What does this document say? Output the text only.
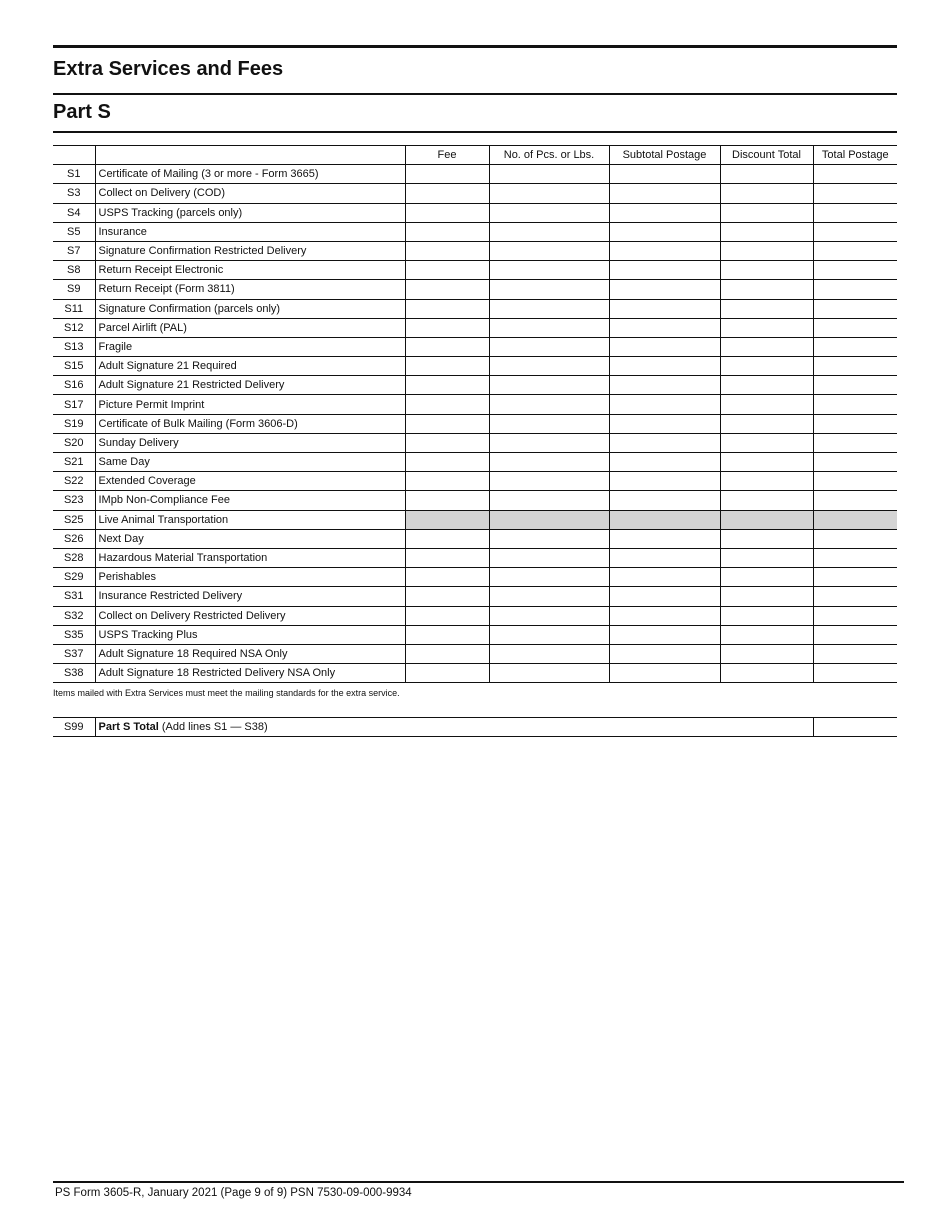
Extra Services and Fees
Part S
		Fee	No. of Pcs. or Lbs.	Subtotal Postage	Discount Total	Total Postage
S1	Certificate of Mailing (3 or more - Form 3665)					
S3	Collect on Delivery (COD)					
S4	USPS Tracking (parcels only)					
S5	Insurance					
S7	Signature Confirmation Restricted Delivery					
S8	Return Receipt Electronic					
S9	Return Receipt (Form 3811)					
S11	Signature Confirmation (parcels only)					
S12	Parcel Airlift (PAL)					
S13	Fragile					
S15	Adult Signature 21 Required					
S16	Adult Signature 21 Restricted Delivery					
S17	Picture Permit Imprint					
S19	Certificate of Bulk Mailing (Form 3606-D)					
S20	Sunday Delivery					
S21	Same Day					
S22	Extended Coverage					
S23	IMpb Non-Compliance Fee					
S25	Live Animal Transportation					
S26	Next Day					
S28	Hazardous Material Transportation					
S29	Perishables					
S31	Insurance Restricted Delivery					
S32	Collect on Delivery Restricted Delivery					
S35	USPS Tracking Plus					
S37	Adult Signature 18 Required NSA Only					
S38	Adult Signature 18 Restricted Delivery NSA Only					
Items mailed with Extra Services must meet the mailing standards for the extra service.
S99	Part S Total (Add lines S1 — S38)	
PS Form 3605-R, January 2021 (Page 9 of 9) PSN 7530-09-000-9934
